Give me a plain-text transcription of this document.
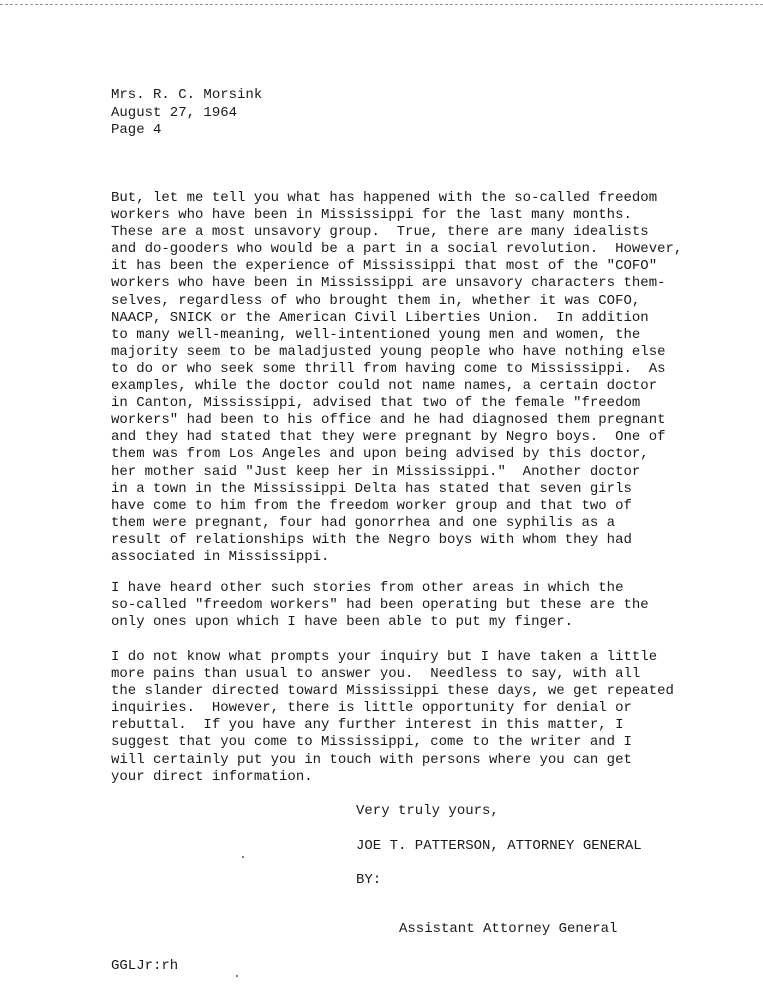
Mrs. R. C. Morsink
August 27, 1964
Page 4
But, let me tell you what has happened with the so-called freedom
workers who have been in Mississippi for the last many months.
These are a most unsavory group.  True, there are many idealists
and do-gooders who would be a part in a social revolution.  However,
it has been the experience of Mississippi that most of the "COFO"
workers who have been in Mississippi are unsavory characters them-
selves, regardless of who brought them in, whether it was COFO,
NAACP, SNICK or the American Civil Liberties Union.  In addition
to many well-meaning, well-intentioned young men and women, the
majority seem to be maladjusted young people who have nothing else
to do or who seek some thrill from having come to Mississippi.  As
examples, while the doctor could not name names, a certain doctor
in Canton, Mississippi, advised that two of the female "freedom
workers" had been to his office and he had diagnosed them pregnant
and they had stated that they were pregnant by Negro boys.  One of
them was from Los Angeles and upon being advised by this doctor,
her mother said "Just keep her in Mississippi."  Another doctor
in a town in the Mississippi Delta has stated that seven girls
have come to him from the freedom worker group and that two of
them were pregnant, four had gonorrhea and one syphilis as a
result of relationships with the Negro boys with whom they had
associated in Mississippi.
I have heard other such stories from other areas in which the
so-called "freedom workers" had been operating but these are the
only ones upon which I have been able to put my finger.
I do not know what prompts your inquiry but I have taken a little
more pains than usual to answer you.  Needless to say, with all
the slander directed toward Mississippi these days, we get repeated
inquiries.  However, there is little opportunity for denial or
rebuttal.  If you have any further interest in this matter, I
suggest that you come to Mississippi, come to the writer and I
will certainly put you in touch with persons where you can get
your direct information.
Very truly yours,
JOE T. PATTERSON, ATTORNEY GENERAL
BY:
Assistant Attorney General
GGLJr:rh
